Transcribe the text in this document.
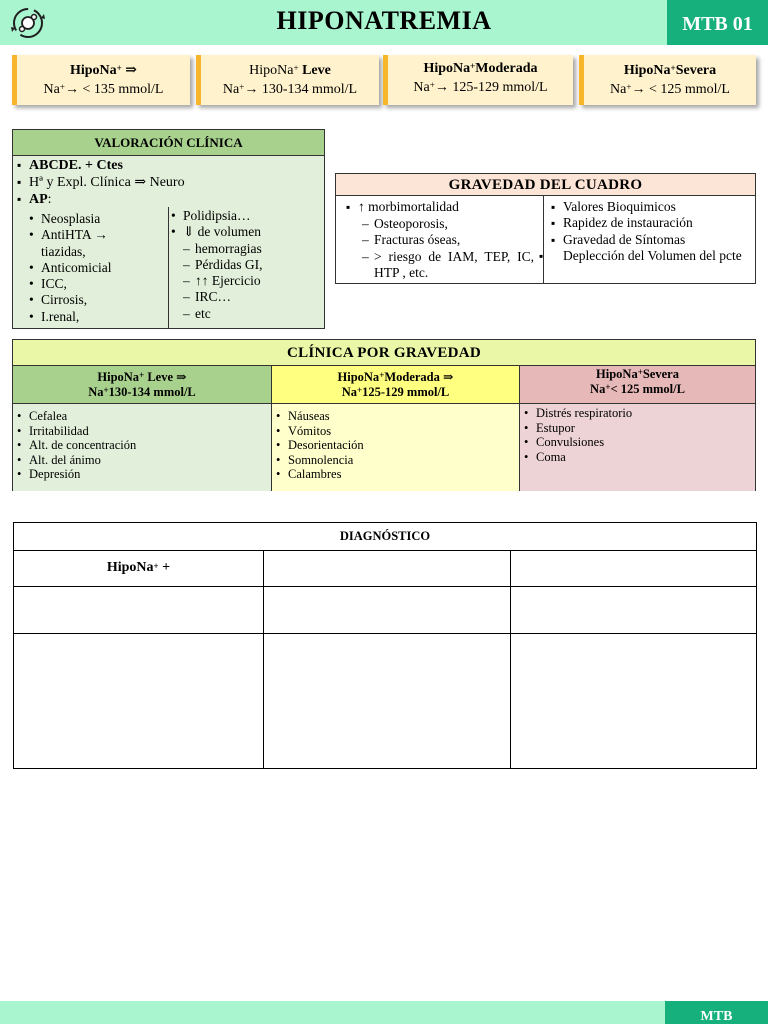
HIPONATREMIA	MTB 01
HipoNa+ ⇒
Na+→ < 135 mmol/L
HipoNa+ Leve
Na+→ 130-134 mmol/L
HipoNa+Moderada
Na+→ 125-129 mmol/L
HipoNa+Severa
Na+→ < 125 mmol/L
VALORACIÓN CLÍNICA
▪ ABCDE. + Ctes
▪ Hª y Expl. Clínica ⇒ Neuro
▪ AP:
• Neosplasia
• AntiHTA →
tiazidas,
• Anticomicial
• ICC,
• Cirrosis,
• I.renal,
• Polidipsia…
• ⇓ de volumen
– hemorragias
– Pérdidas GI,
– ↑↑ Ejercicio
– IRC…
– etc
GRAVEDAD DEL CUADRO
▪ ↑ morbimortalidad
– Osteoporosis,
– Fracturas óseas,
– > riesgo de IAM, TEP, IC, HTP , etc.
▪ Valores Bioquimicos
▪ Rapidez de instauración
▪ Gravedad de Síntomas
▪ Deplección del Volumen del pcte
CLÍNICA POR GRAVEDAD
HipoNa+ Leve ⇒
Na+130-134 mmol/L
HipoNa+Moderada ⇒
Na+125-129 mmol/L
HipoNa+Severa
Na+< 125 mmol/L
• Cefalea
• Irritabilidad
• Alt. de concentración
• Alt. del ánimo
• Depresión
• Náuseas
• Vómitos
• Desorientación
• Somnolencia
• Calambres
• Distrés respiratorio
• Estupor
• Convulsiones
• Coma
DIAGNÓSTICO
HipoNa+ +
MTB
